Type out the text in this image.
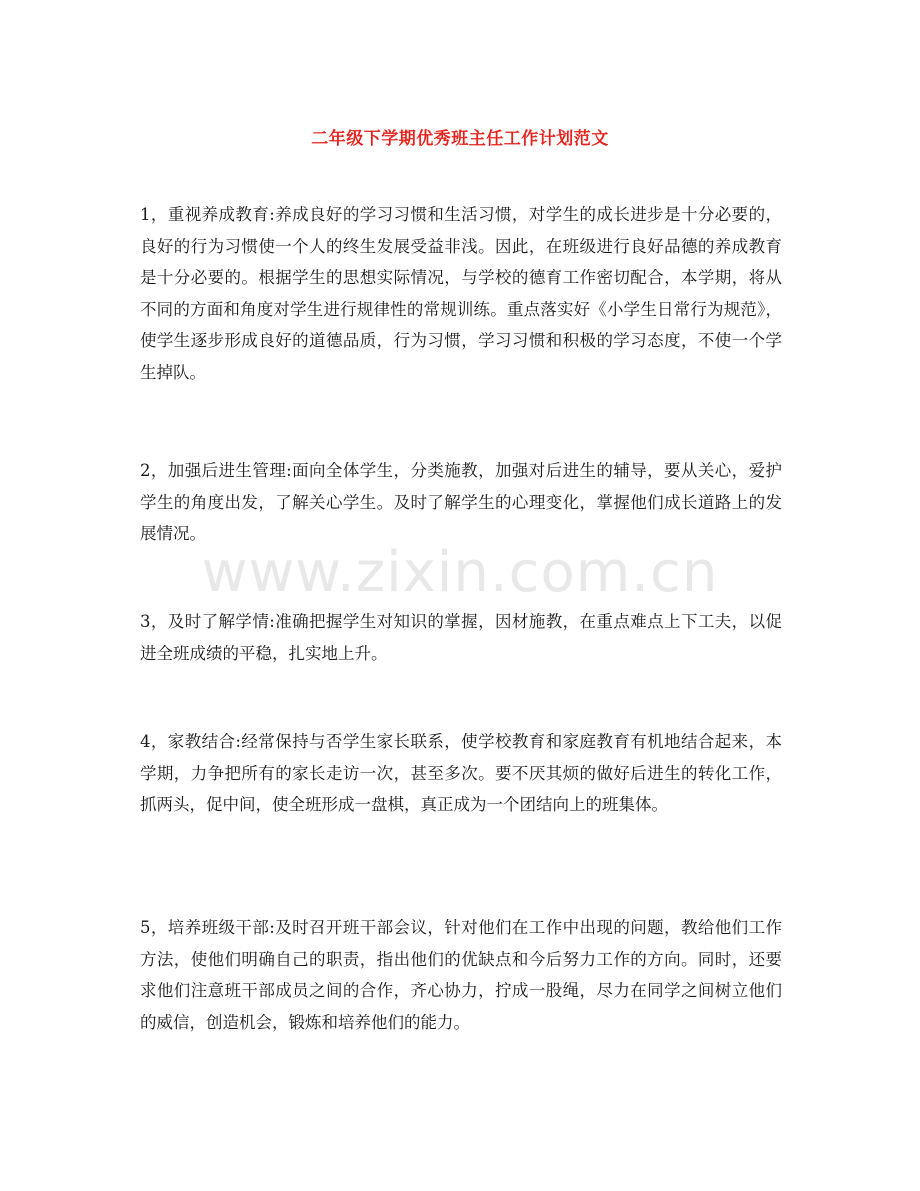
二年级下学期优秀班主任工作计划范文
1，重视养成教育:养成良好的学习习惯和生活习惯，对学生的成长进步是十分必要的，良好的行为习惯使一个人的终生发展受益非浅。因此，在班级进行良好品德的养成教育是十分必要的。根据学生的思想实际情况，与学校的德育工作密切配合，本学期，将从不同的方面和角度对学生进行规律性的常规训练。重点落实好《小学生日常行为规范》，使学生逐步形成良好的道德品质，行为习惯，学习习惯和积极的学习态度，不使一个学生掉队。
2，加强后进生管理:面向全体学生，分类施教，加强对后进生的辅导，要从关心，爱护学生的角度出发，了解关心学生。及时了解学生的心理变化，掌握他们成长道路上的发展情况。
3，及时了解学情:准确把握学生对知识的掌握，因材施教，在重点难点上下工夫，以促进全班成绩的平稳，扎实地上升。
4，家教结合:经常保持与否学生家长联系，使学校教育和家庭教育有机地结合起来，本学期，力争把所有的家长走访一次，甚至多次。要不厌其烦的做好后进生的转化工作，抓两头，促中间，使全班形成一盘棋，真正成为一个团结向上的班集体。
5，培养班级干部:及时召开班干部会议，针对他们在工作中出现的问题，教给他们工作方法，使他们明确自己的职责，指出他们的优缺点和今后努力工作的方向。同时，还要求他们注意班干部成员之间的合作，齐心协力，拧成一股绳，尽力在同学之间树立他们的威信，创造机会，锻炼和培养他们的能力。
www.zixin.com.cn
